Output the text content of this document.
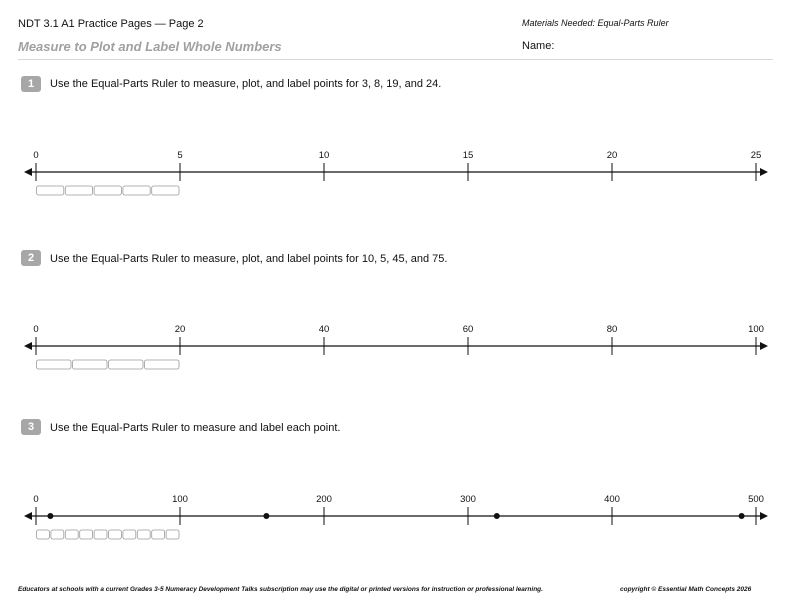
NDT 3.1 A1 Practice Pages — Page 2
Measure to Plot and Label Whole Numbers
Materials Needed: Equal-Parts Ruler
Name:
1	Use the Equal-Parts Ruler to measure, plot, and label points for 3, 8, 19, and 24.
2	Use the Equal-Parts Ruler to measure, plot, and label points for 10, 5, 45, and 75.
3	Use the Equal-Parts Ruler to measure and label each point.
0	5	10	15	20	25
0	20	40	60	80	100
0	100	200	300	400	500
Educators at schools with a current Grades 3-5 Numeracy Development Talks subscription may use the digital or printed versions for instruction or professional learning.	copyright © Essential Math Concepts 2026
